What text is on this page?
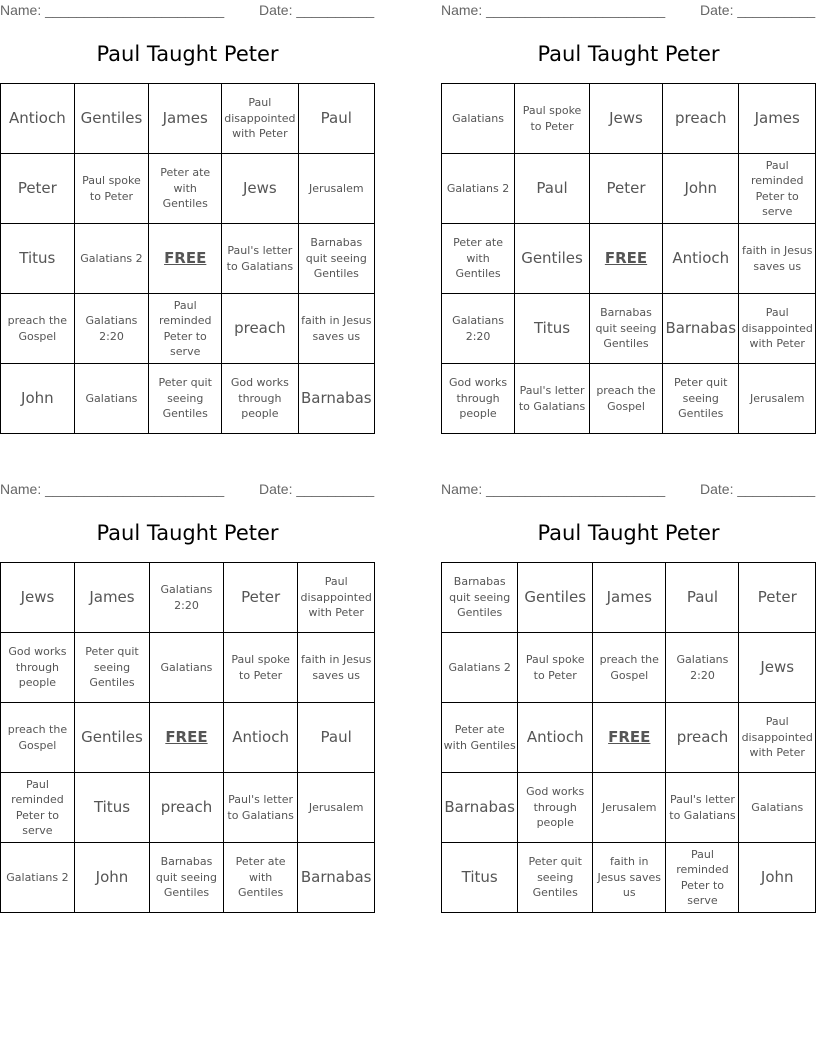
Name: _______________________ Date: __________
Paul Taught Peter
Antioch	Gentiles	James	Paul disappointed with Peter	Paul
Peter	Paul spoke to Peter	Peter ate with Gentiles	Jews	Jerusalem
Titus	Galatians 2	FREE	Paul's letter to Galatians	Barnabas quit seeing Gentiles
preach the Gospel	Galatians 2:20	Paul reminded Peter to serve	preach	faith in Jesus saves us
John	Galatians	Peter quit seeing Gentiles	God works through people	Barnabas
Name: _______________________ Date: __________
Paul Taught Peter
Galatians	Paul spoke to Peter	Jews	preach	James
Galatians 2	Paul	Peter	John	Paul reminded Peter to serve
Peter ate with Gentiles	Gentiles	FREE	Antioch	faith in Jesus saves us
Galatians 2:20	Titus	Barnabas quit seeing Gentiles	Barnabas	Paul disappointed with Peter
God works through people	Paul's letter to Galatians	preach the Gospel	Peter quit seeing Gentiles	Jerusalem
Name: _______________________ Date: __________
Paul Taught Peter
Jews	James	Galatians 2:20	Peter	Paul disappointed with Peter
God works through people	Peter quit seeing Gentiles	Galatians	Paul spoke to Peter	faith in Jesus saves us
preach the Gospel	Gentiles	FREE	Antioch	Paul
Paul reminded Peter to serve	Titus	preach	Paul's letter to Galatians	Jerusalem
Galatians 2	John	Barnabas quit seeing Gentiles	Peter ate with Gentiles	Barnabas
Name: _______________________ Date: __________
Paul Taught Peter
Barnabas quit seeing Gentiles	Gentiles	James	Paul	Peter
Galatians 2	Paul spoke to Peter	preach the Gospel	Galatians 2:20	Jews
Peter ate with Gentiles	Antioch	FREE	preach	Paul disappointed with Peter
Barnabas	God works through people	Jerusalem	Paul's letter to Galatians	Galatians
Titus	Peter quit seeing Gentiles	faith in Jesus saves us	Paul reminded Peter to serve	John
